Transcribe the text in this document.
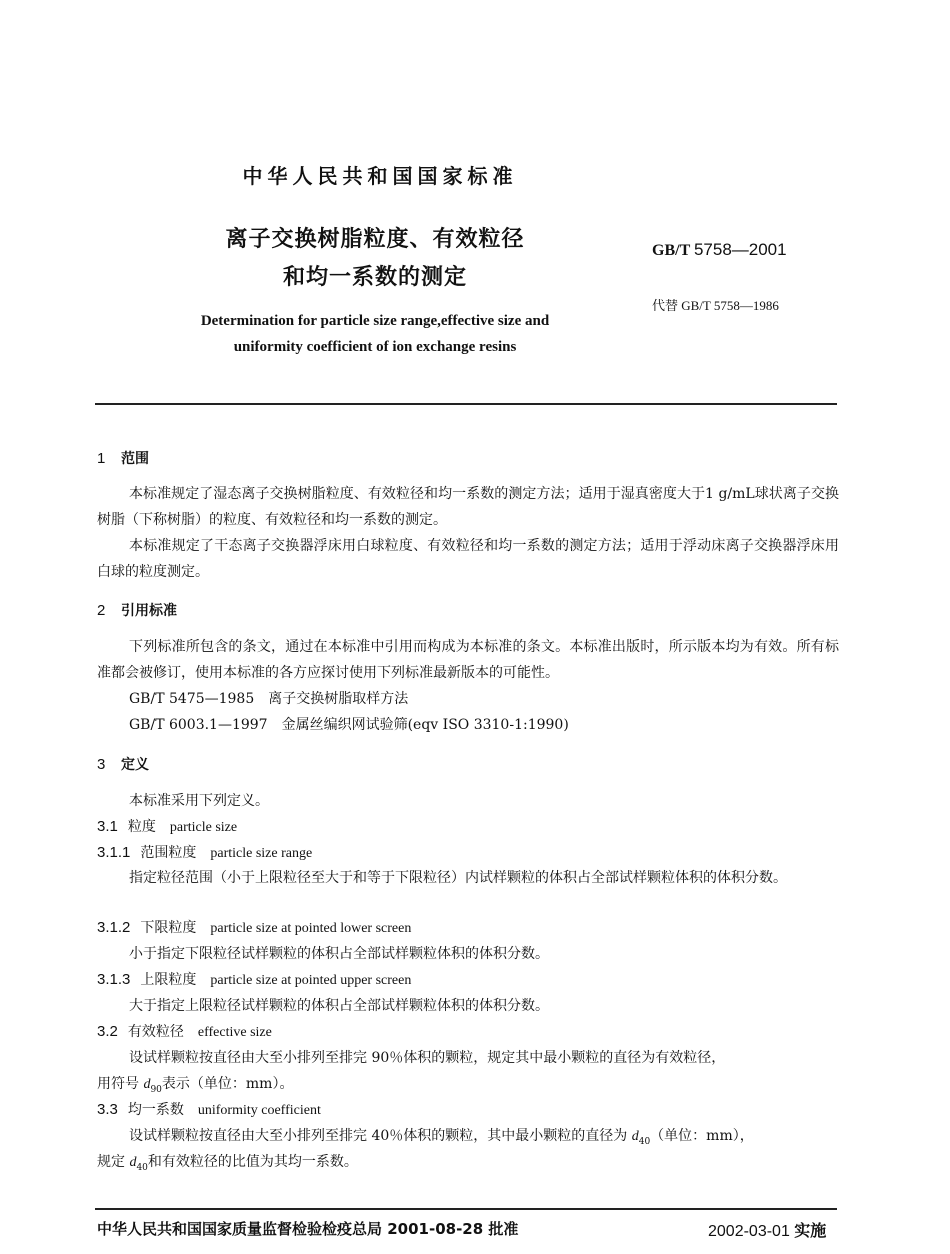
中华人民共和国国家标准
离子交换树脂粒度、有效粒径
和均一系数的测定
Determination for particle size range,effective size and
uniformity coefficient of ion exchange resins
GB/T 5758—2001
代替 GB/T 5758—1986
1 范围
本标准规定了湿态离子交换树脂粒度、有效粒径和均一系数的测定方法；适用于湿真密度大于1 g/mL球状离子交换树脂（下称树脂）的粒度、有效粒径和均一系数的测定。
本标准规定了干态离子交换器浮床用白球粒度、有效粒径和均一系数的测定方法；适用于浮动床离子交换器浮床用白球的粒度测定。
2 引用标准
下列标准所包含的条文，通过在本标准中引用而构成为本标准的条文。本标准出版时，所示版本均为有效。所有标准都会被修订，使用本标准的各方应探讨使用下列标准最新版本的可能性。
GB/T 5475—1985　离子交换树脂取样方法
GB/T 6003.1—1997　金属丝编织网试验筛(eqv ISO 3310-1:1990)
3 定义
本标准采用下列定义。
3.1 粒度 particle size
3.1.1 范围粒度 particle size range
指定粒径范围（小于上限粒径至大于和等于下限粒径）内试样颗粒的体积占全部试样颗粒体积的体积分数。
3.1.2 下限粒度 particle size at pointed lower screen
小于指定下限粒径试样颗粒的体积占全部试样颗粒体积的体积分数。
3.1.3 上限粒度 particle size at pointed upper screen
大于指定上限粒径试样颗粒的体积占全部试样颗粒体积的体积分数。
3.2 有效粒径 effective size
设试样颗粒按直径由大至小排列至排完 90％体积的颗粒，规定其中最小颗粒的直径为有效粒径，
用符号 $d_{90}$表示（单位：mm）。
3.3 均一系数 uniformity coefficient
设试样颗粒按直径由大至小排列至排完 40％体积的颗粒，其中最小颗粒的直径为 $d_{40}$（单位：mm），
规定 $d_{40}$和有效粒径的比值为其均一系数。
中华人民共和国国家质量监督检验检疫总局 2001-08-28 批准	2002-03-01 实施
